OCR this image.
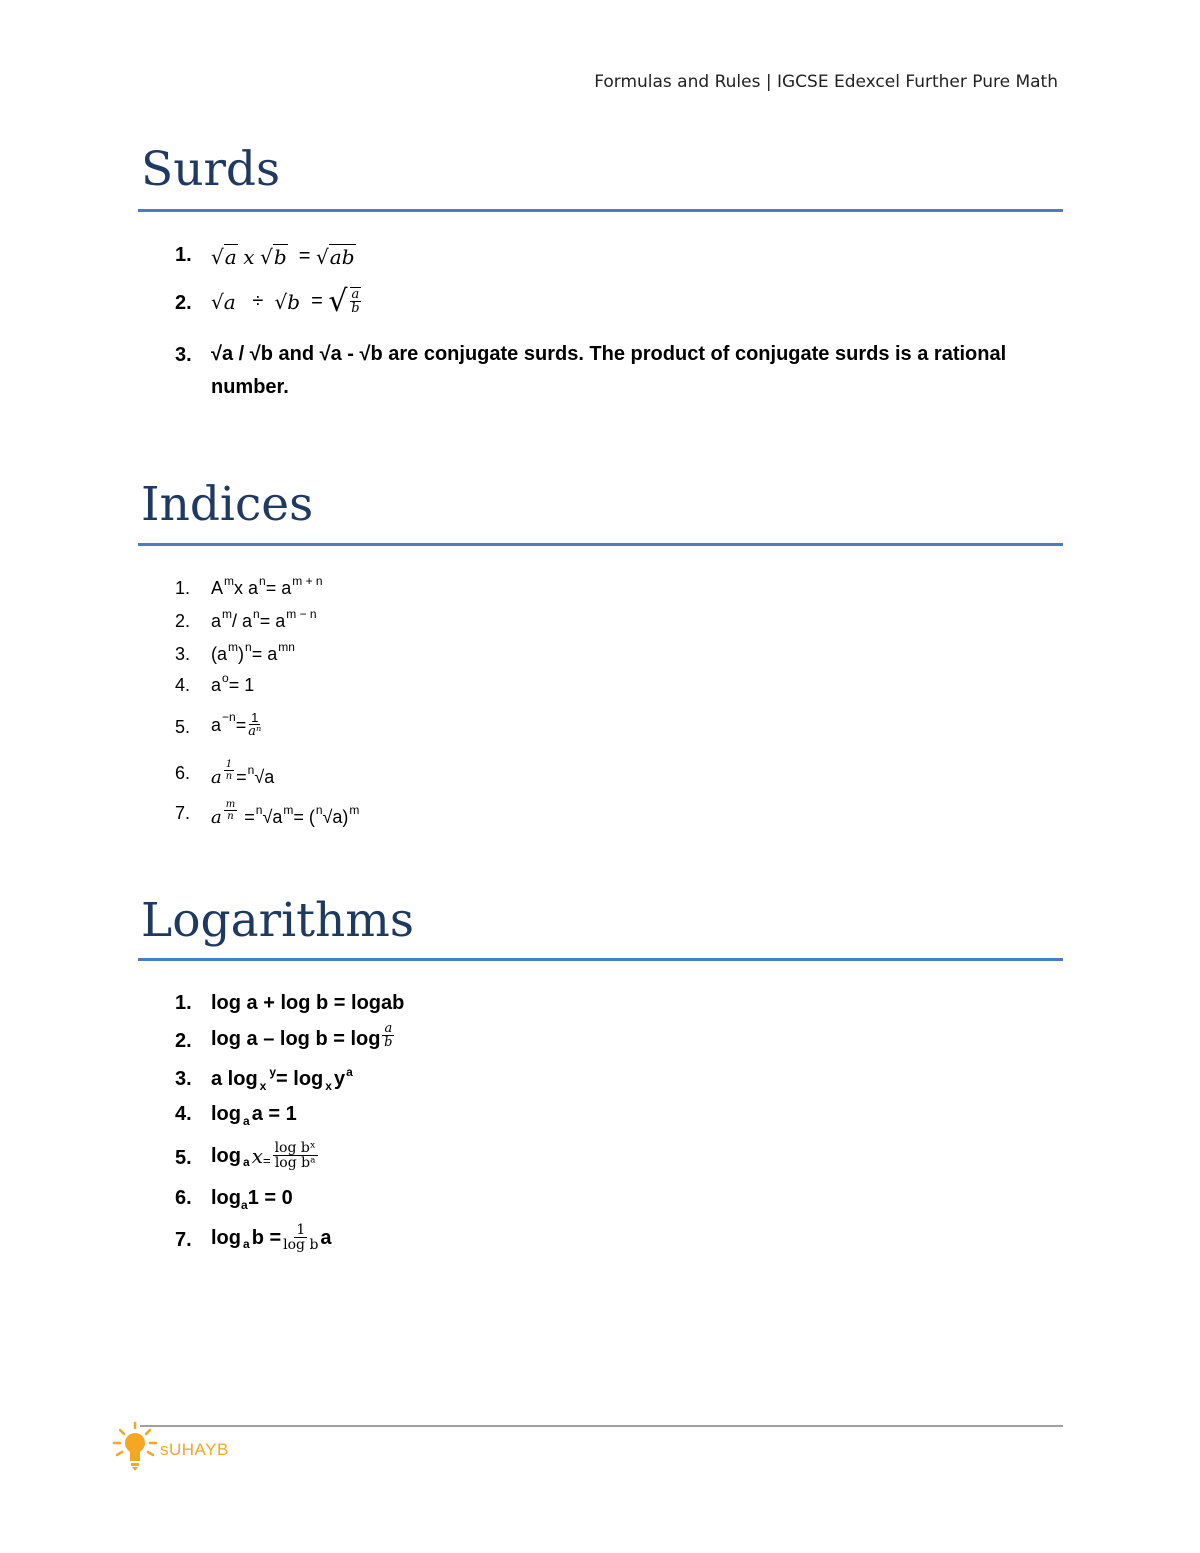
Formulas and Rules | IGCSE Edexcel Further Pure Math
Surds
1. √ a
x
√ b = √ ab
2. √ a
÷
√ b = √ $\frac{a}{b}$
3. √a / √b and √a - √b are conjugate surds. The product of conjugate surds is a rational
number.
Indices
1.	A m x a n = a m + n
2.	a m / a n = a m − n
3.	(a m ) n = a mn
4.	a o = 1
5.	$a -n = \frac{1}{\text{aⁿ}}$
6.	a $\frac{1}{n} = n$ √a
7.	a $\frac{m}{n}$
= n √a m = ( n √a) m
Logarithms
1. log a + log b = logab
2. $\log a - \log b = \log \frac{a}{b}$
3. a log x
y = log x y a
4. log a a = 1
5. log a $x = \frac{\text{log bˣ}}{\text{log bᵃ}}$
6. log a 1 = 0
7. log a $b = \frac{1}{\text{log b}}$ a
sUHAYB
